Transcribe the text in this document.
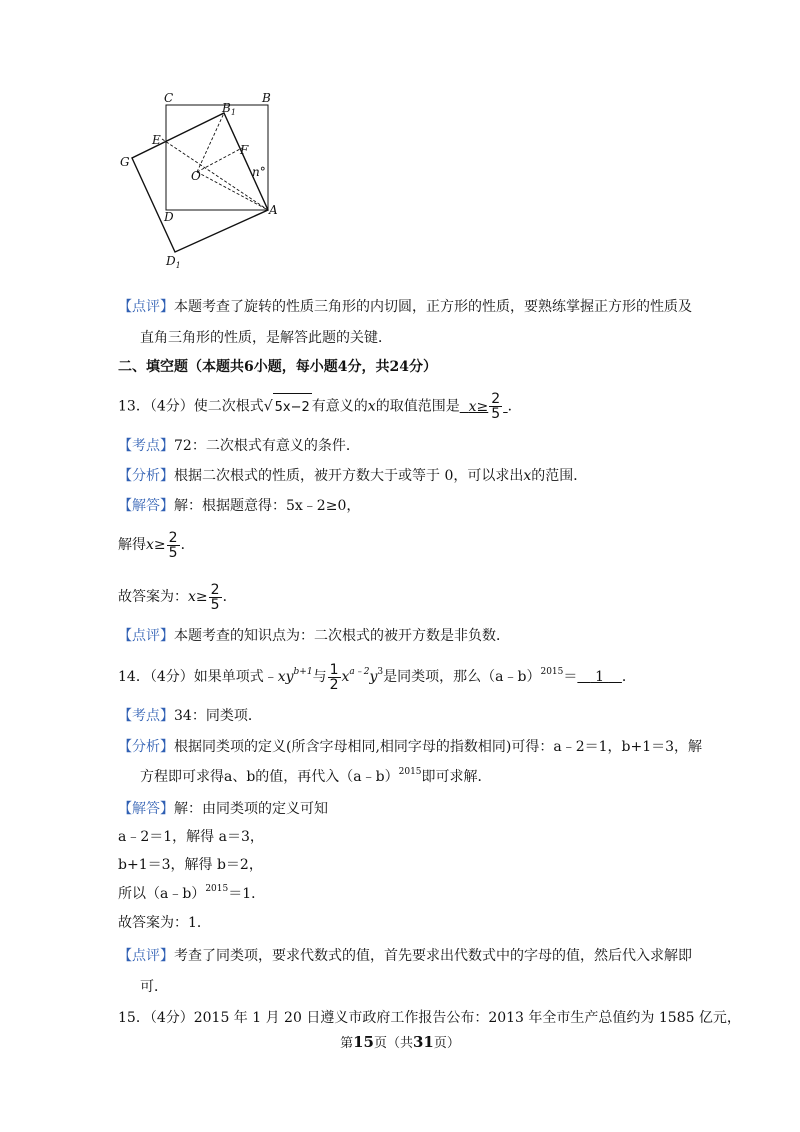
C	B
$B_1$
E
F
G
O	n°
D	A
$D_1$
【点评】本题考查了旋转的性质三角形的内切圆，正方形的性质，要熟练掌握正方形的性质及
直角三角形的性质，是解答此题的关键．
二、填空题（本题共6小题，每小题4分，共24分）
13．（4分）使二次根式√ 5x−2 有意义的x的取值范围是 $x\ge \frac{2}{5}$ ．
【考点】72：二次根式有意义的条件．
【分析】根据二次根式的性质，被开方数大于或等于 0，可以求出x的范围．
【解答】解：根据题意得：5x﹣2≥0，
解得$x\ge \frac{2}{5}$ ．
故答案为：$x\ge \frac{2}{5}$ ．
【点评】本题考查的知识点为：二次根式的被开方数是非负数．
14．（4分）如果单项式$﹣xy^{b+1}$与 $\frac{1}{2} x^{a﹣2}y^3$是同类项，那么（a﹣b）$^{2015}$＝    1    ．
【考点】34：同类项．
【分析】根据同类项的定义(所含字母相同,相同字母的指数相同)可得：a﹣2＝1，b+1＝3，解
方程即可求得a、b的值，再代入（a﹣b）$^{2015}$即可求解．
【解答】解：由同类项的定义可知
a﹣2＝1，解得 a＝3，
b+1＝3，解得 b＝2，
所以（a﹣b）$^{2015}$＝1．
故答案为：1．
【点评】考查了同类项，要求代数式的值，首先要求出代数式中的字母的值，然后代入求解即
可．
15．（4分）2015 年 1 月 20 日遵义市政府工作报告公布：2013 年全市生产总值约为 1585 亿元，
第15页（共31页）
